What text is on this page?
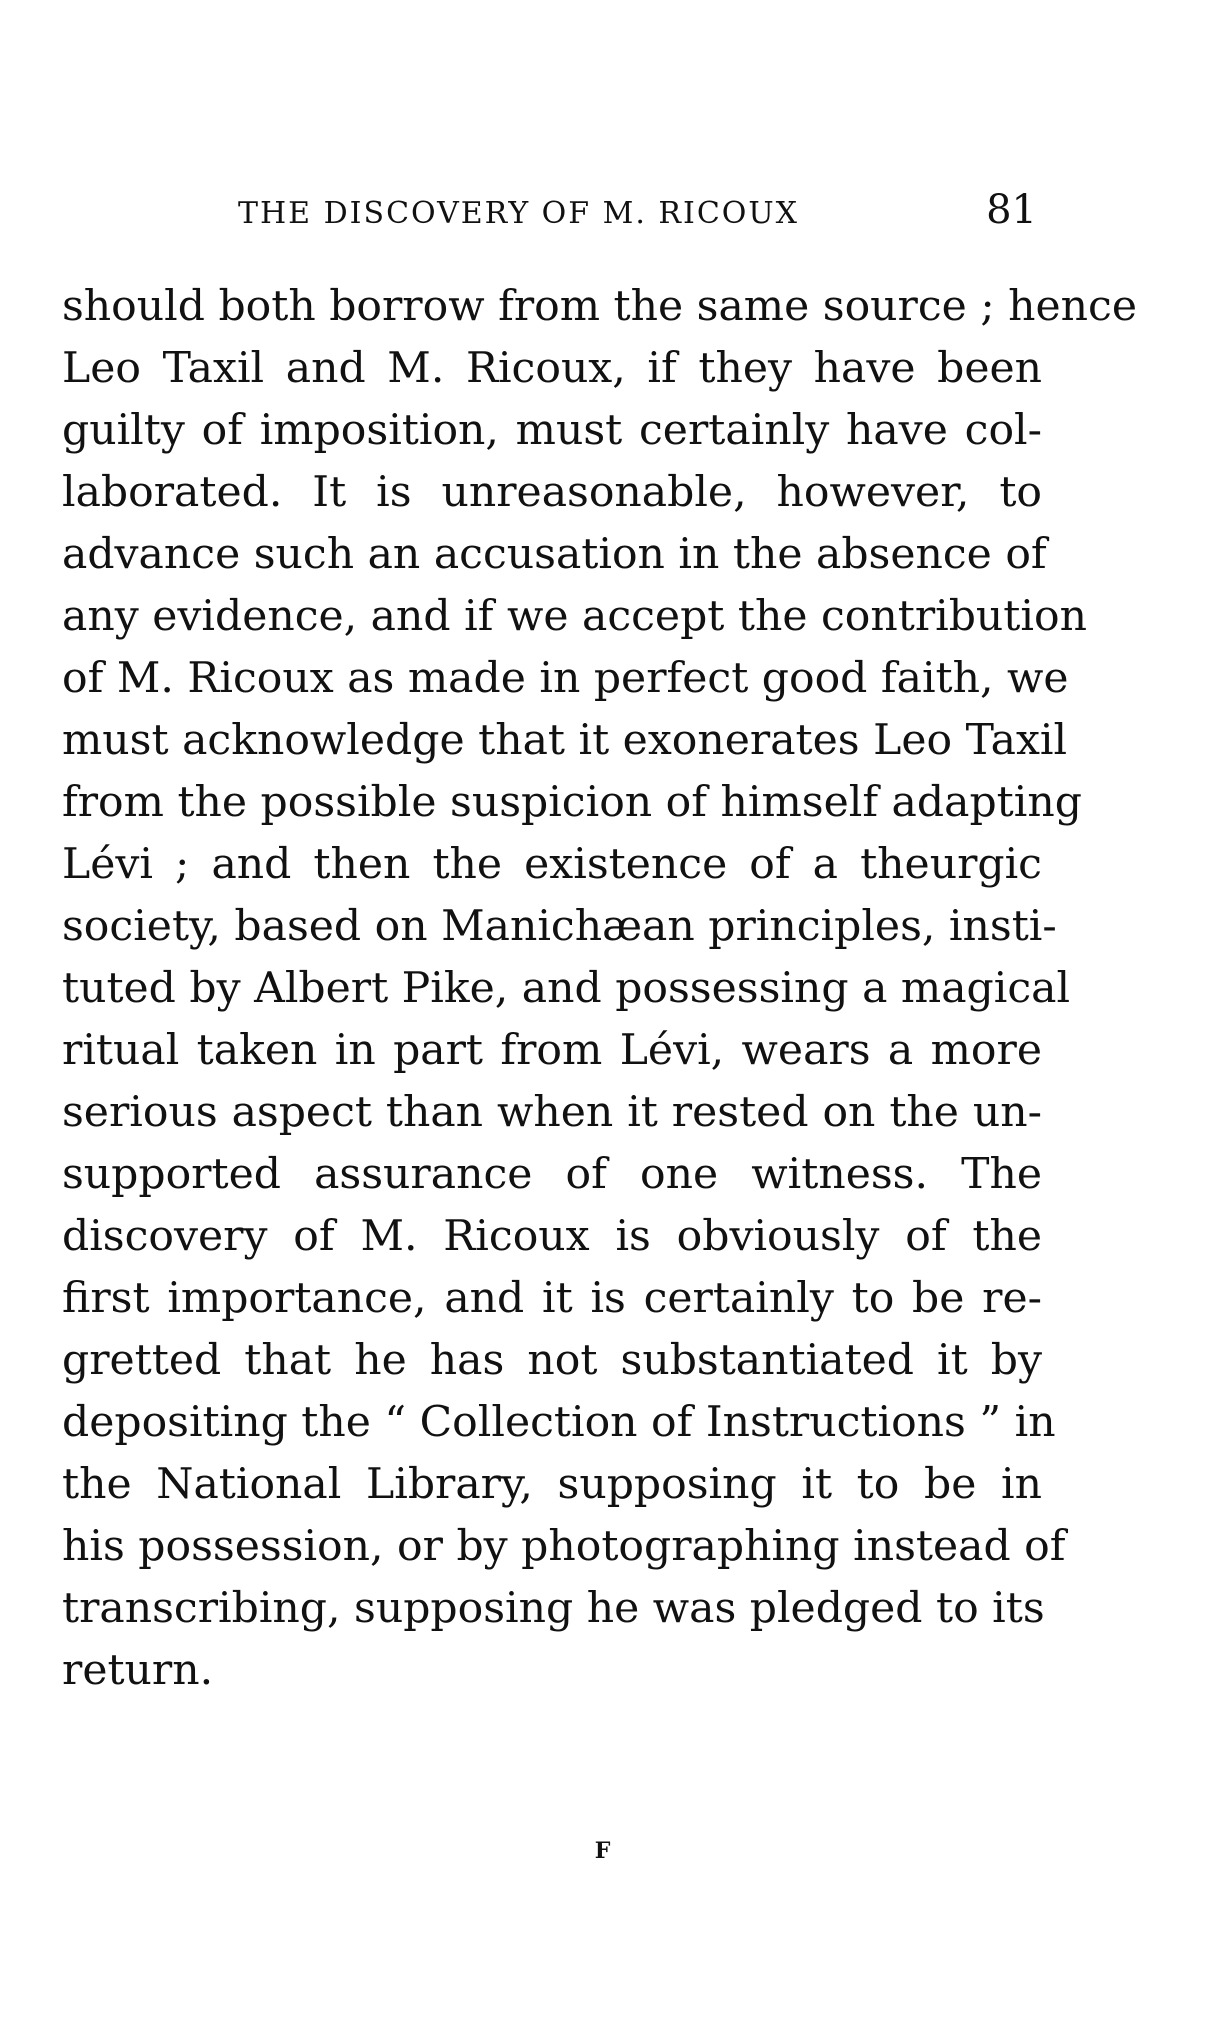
THE DISCOVERY OF M. RICOUX	81
should both borrow from the same source ; hence
Leo Taxil and M. Ricoux, if they have been
guilty of imposition, must certainly have col-
laborated. It is unreasonable, however, to
advance such an accusation in the absence of
any evidence, and if we accept the contribution
of M. Ricoux as made in perfect good faith, we
must acknowledge that it exonerates Leo Taxil
from the possible suspicion of himself adapting
Lévi ; and then the existence of a theurgic
society, based on Manichæan principles, insti-
tuted by Albert Pike, and possessing a magical
ritual taken in part from Lévi, wears a more
serious aspect than when it rested on the un-
supported assurance of one witness. The
discovery of M. Ricoux is obviously of the
first importance, and it is certainly to be re-
gretted that he has not substantiated it by
depositing the “ Collection of Instructions ” in
the National Library, supposing it to be in
his possession, or by photographing instead of
transcribing, supposing he was pledged to its
return.
F
